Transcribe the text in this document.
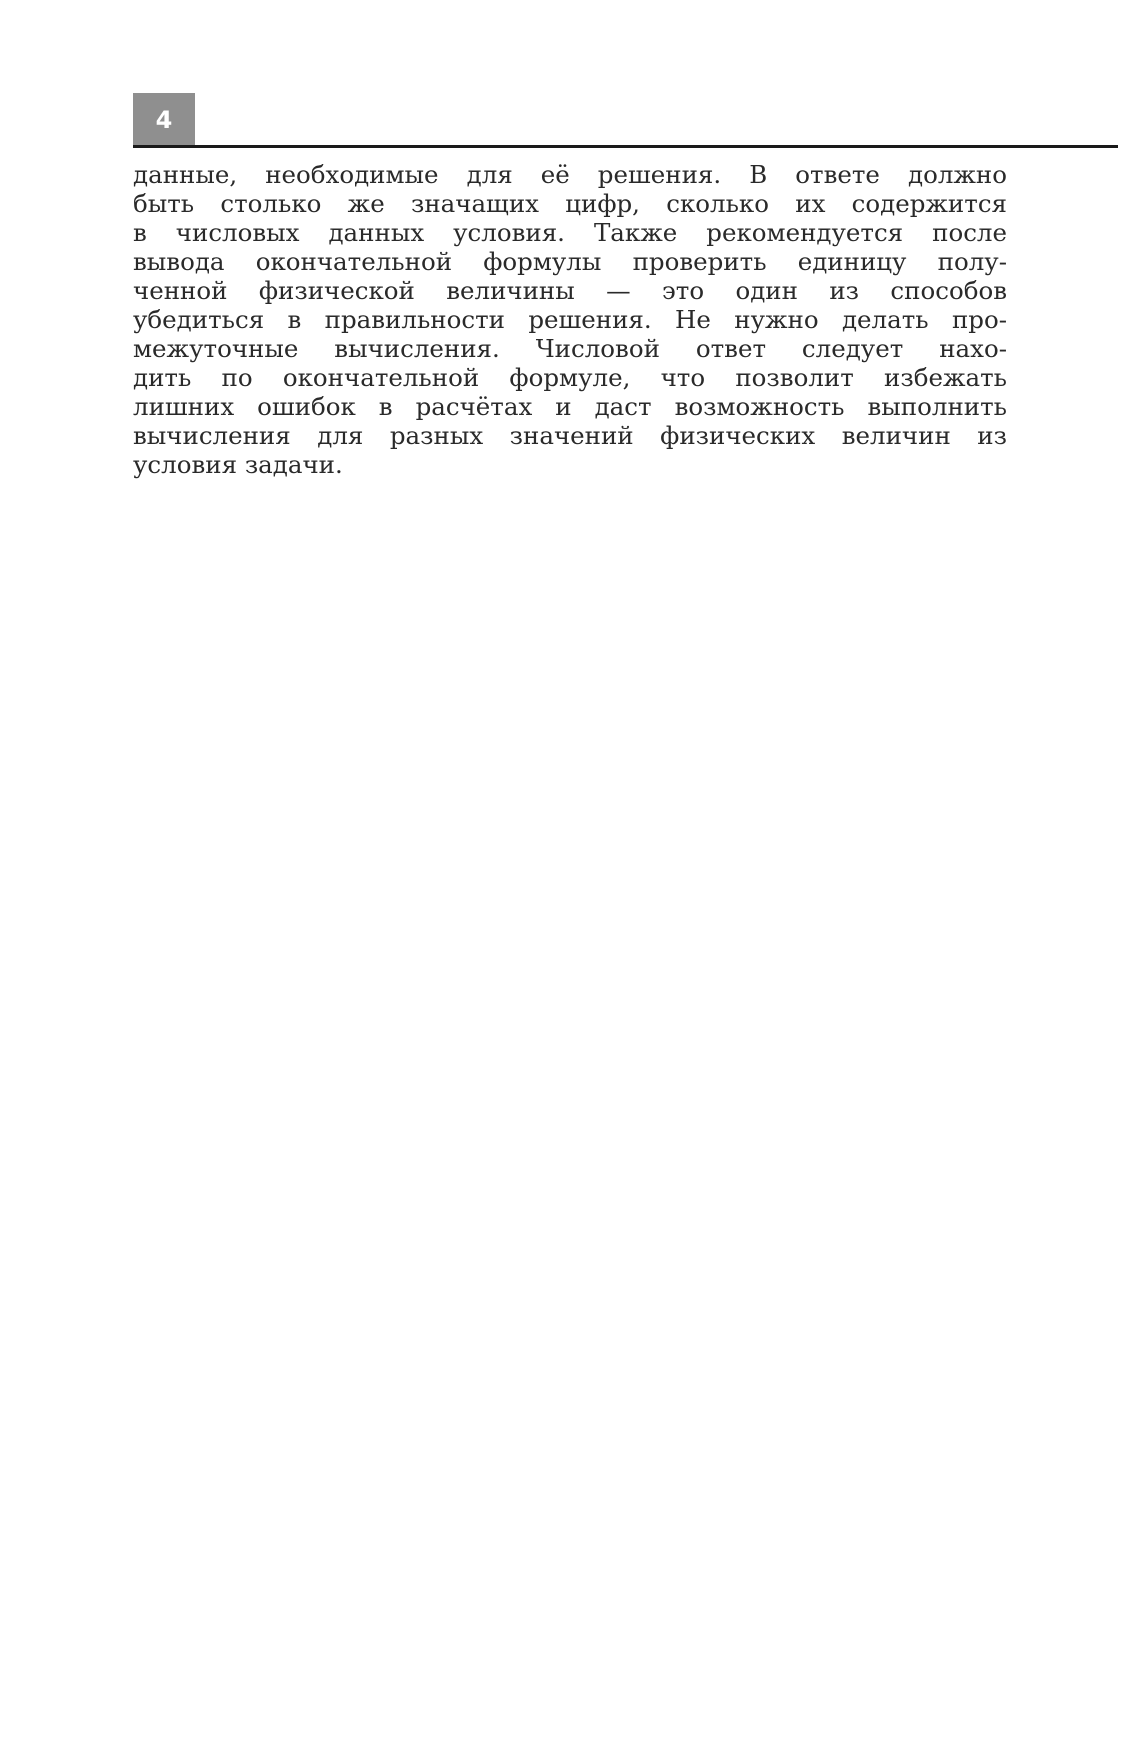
4
данные, необходимые для её решения. В ответе должно
быть столько же значащих цифр, сколько их содержится
в числовых данных условия. Также рекомендуется после
вывода окончательной формулы проверить единицу полу-
ченной физической величины — это один из способов
убедиться в правильности решения. Не нужно делать про-
межуточные вычисления. Числовой ответ следует нахо-
дить по окончательной формуле, что позволит избежать
лишних ошибок в расчётах и даст возможность выполнить
вычисления для разных значений физических величин из
условия задачи.
